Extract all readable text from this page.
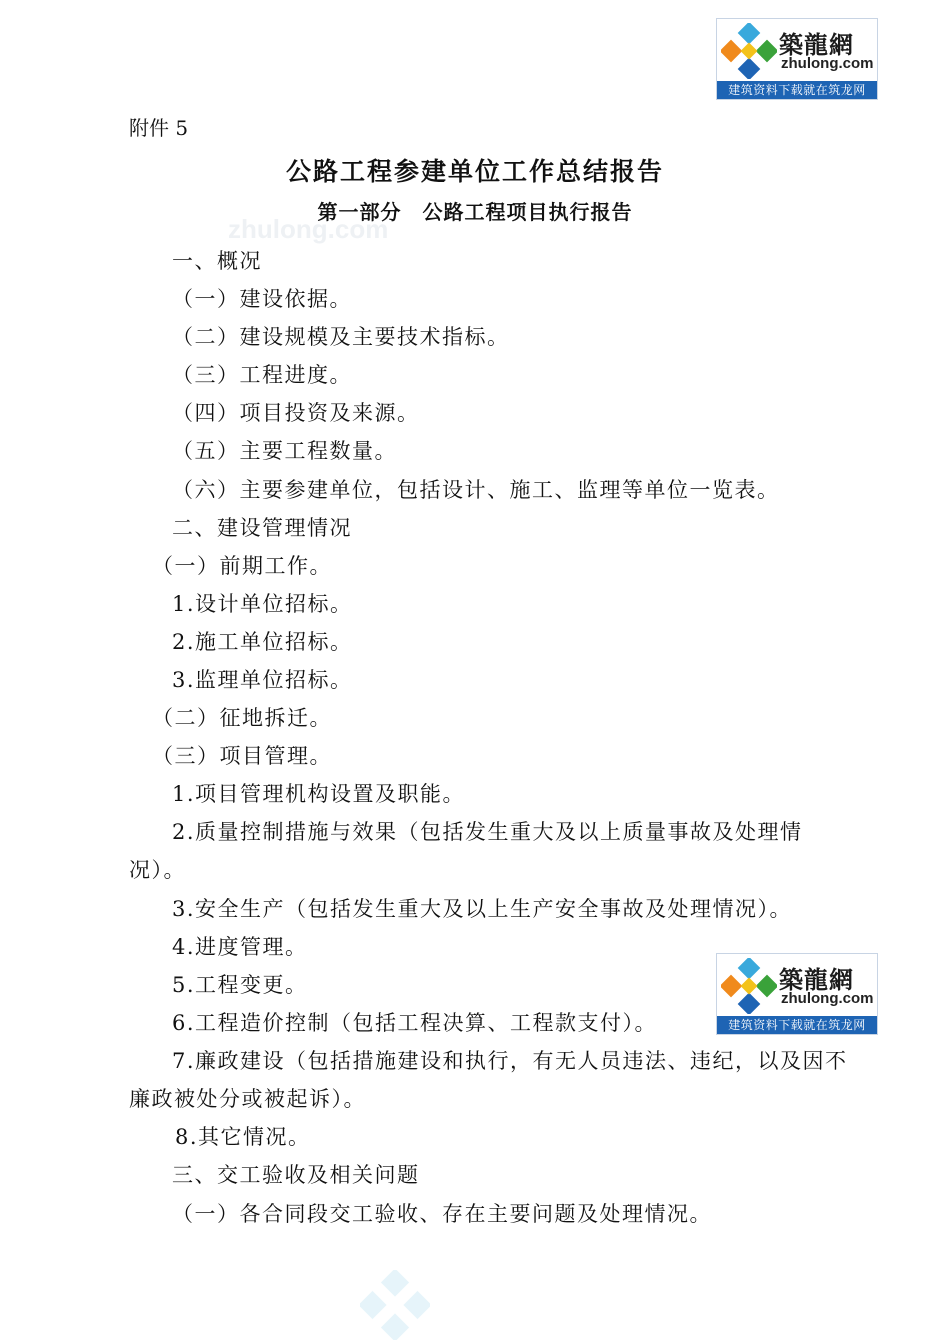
築龍網
zhulong.com
建筑资料下载就在筑龙网
築龍網
zhulong.com
建筑资料下载就在筑龙网
zhulong.com
附件 5
公路工程参建单位工作总结报告
第一部分　公路工程项目执行报告
一、概况
（一）建设依据。
（二）建设规模及主要技术指标。
（三）工程进度。
（四）项目投资及来源。
（五）主要工程数量。
（六）主要参建单位，包括设计、施工、监理等单位一览表。
二、建设管理情况
（一）前期工作。
1.设计单位招标。
2.施工单位招标。
3.监理单位招标。
（二）征地拆迁。
（三）项目管理。
1.项目管理机构设置及职能。
2.质量控制措施与效果（包括发生重大及以上质量事故及处理情
况）。
3.安全生产（包括发生重大及以上生产安全事故及处理情况）。
4.进度管理。
5.工程变更。
6.工程造价控制（包括工程决算、工程款支付）。
7.廉政建设（包括措施建设和执行，有无人员违法、违纪，以及因不
廉政被处分或被起诉）。
8.其它情况。
三、交工验收及相关问题
（一）各合同段交工验收、存在主要问题及处理情况。
